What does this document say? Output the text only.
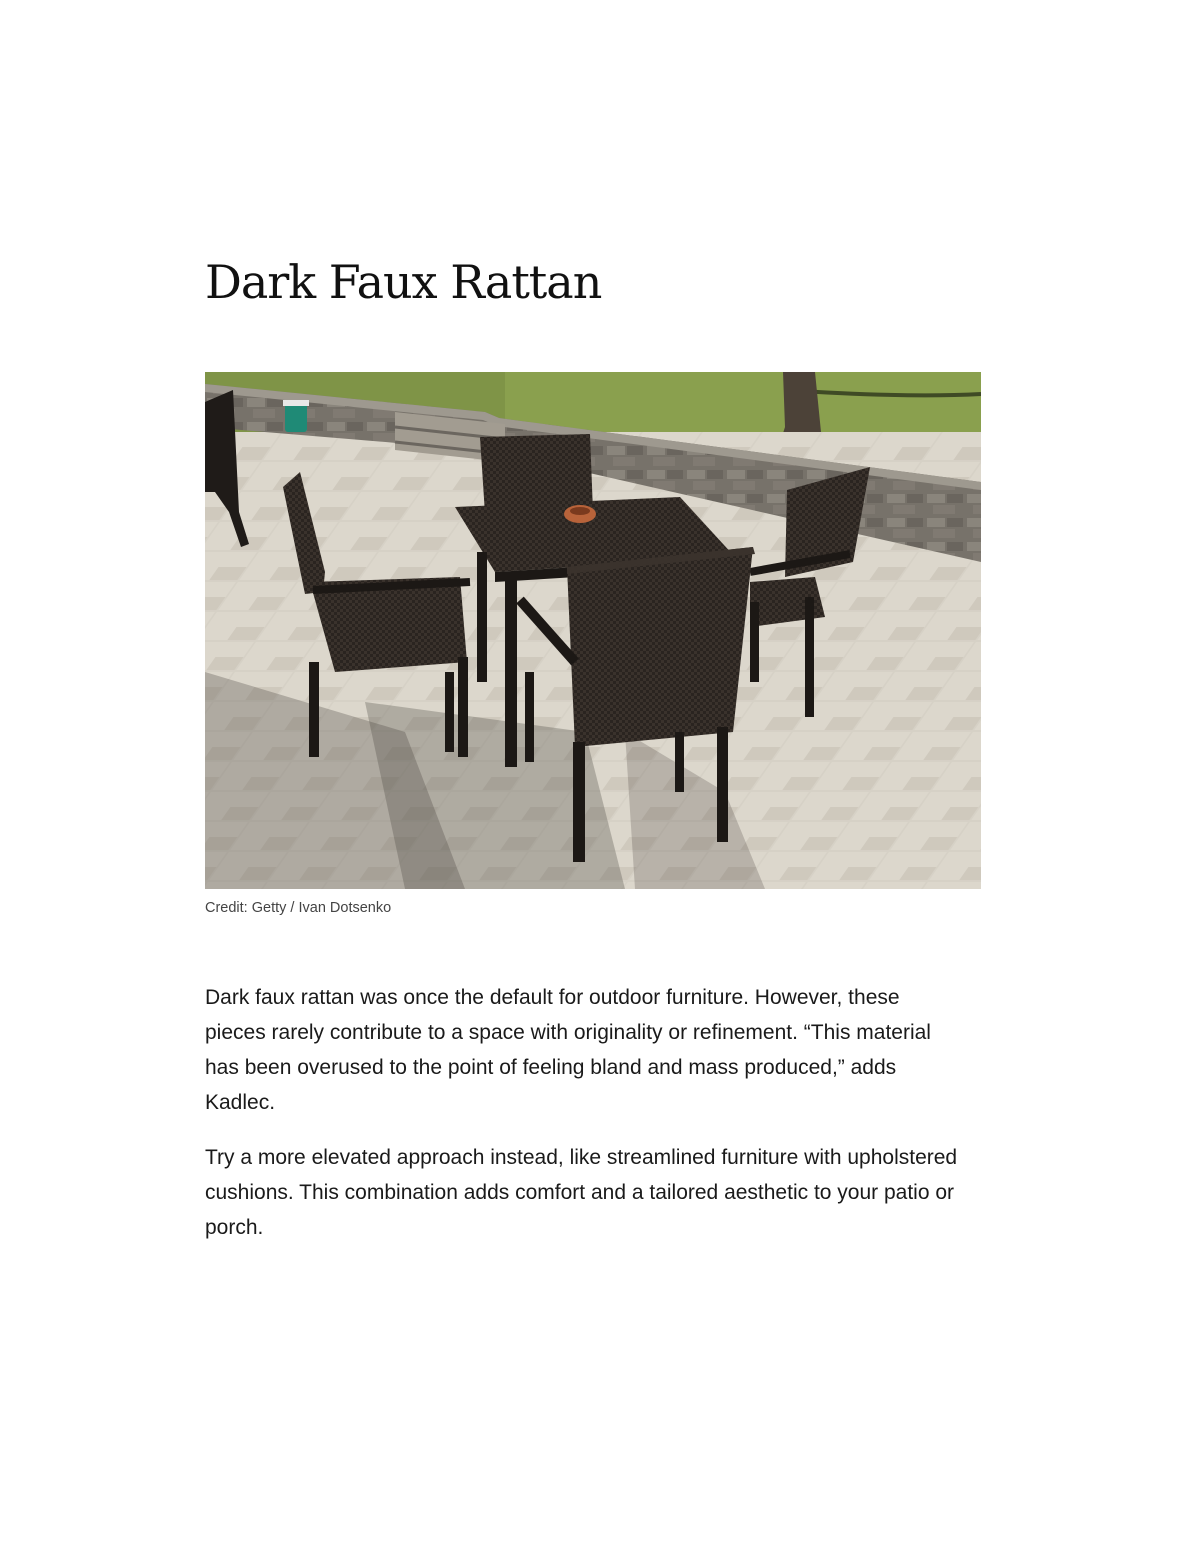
Dark Faux Rattan
Credit: Getty / Ivan Dotsenko

Dark faux rattan was once the default for outdoor furniture. However, these pieces rarely contribute to a space with originality or refinement. “This material has been overused to the point of feeling bland and mass produced,” adds Kadlec.

Try a more elevated approach instead, like streamlined furniture with upholstered cushions. This combination adds comfort and a tailored aesthetic to your patio or porch.
